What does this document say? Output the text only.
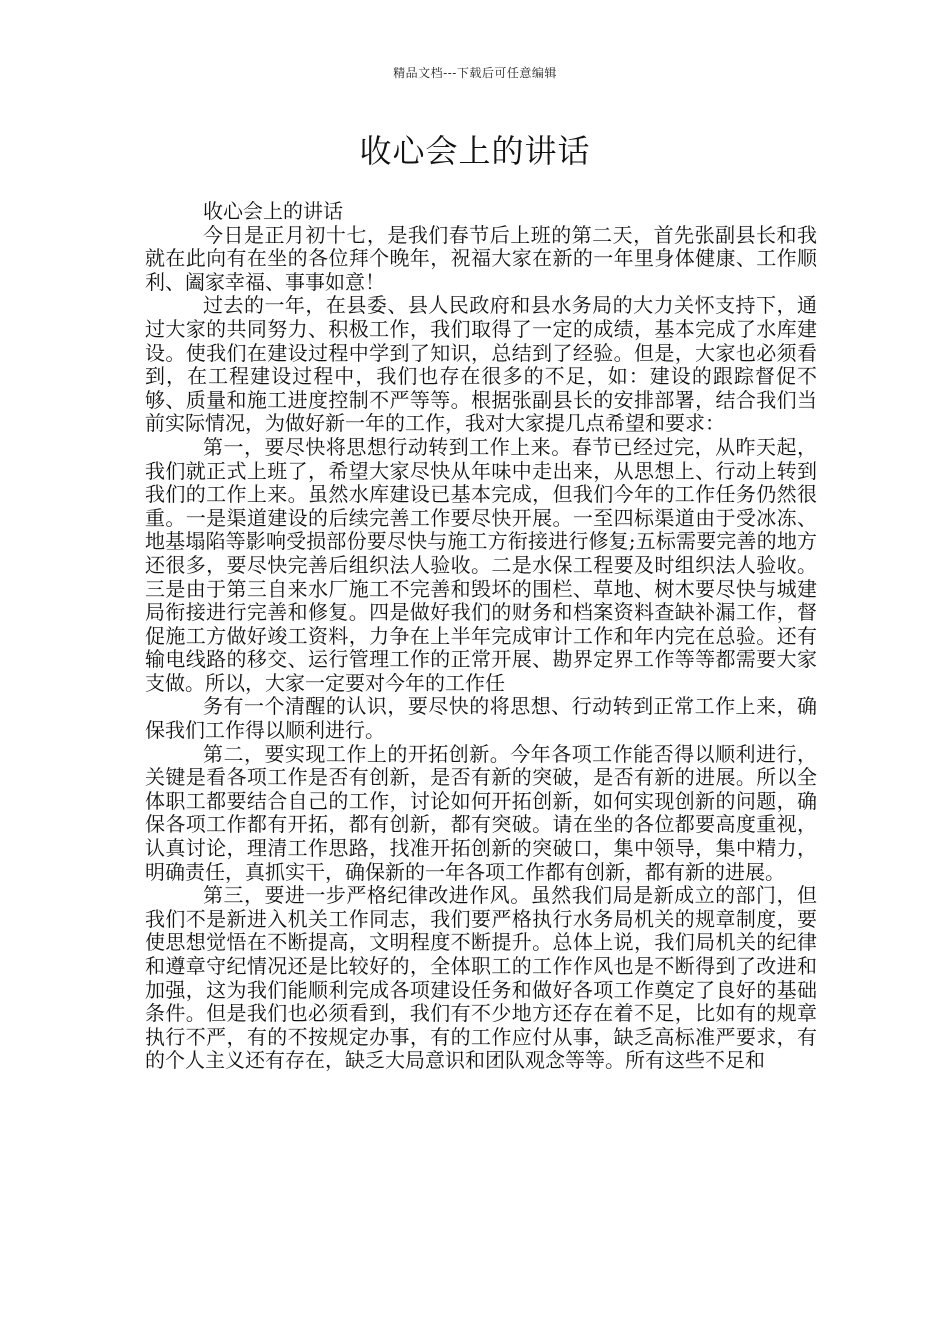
精品文档---下载后可任意编辑
收心会上的讲话

收心会上的讲话

今日是正月初十七，是我们春节后上班的第二天，首先张副县长和我就在此向有在坐的各位拜个晚年，祝福大家在新的一年里身体健康、工作顺利、阖家幸福、事事如意！

过去的一年，在县委、县人民政府和县水务局的大力关怀支持下，通过大家的共同努力、积极工作，我们取得了一定的成绩，基本完成了水库建设。使我们在建设过程中学到了知识，总结到了经验。但是，大家也必须看到，在工程建设过程中，我们也存在很多的不足，如：建设的跟踪督促不够、质量和施工进度控制不严等等。根据张副县长的安排部署，结合我们当前实际情况，为做好新一年的工作，我对大家提几点希望和要求：

第一，要尽快将思想行动转到工作上来。春节已经过完，从昨天起，我们就正式上班了，希望大家尽快从年味中走出来，从思想上、行动上转到我们的工作上来。虽然水库建设已基本完成，但我们今年的工作任务仍然很重。一是渠道建设的后续完善工作要尽快开展。一至四标渠道由于受冰冻、地基塌陷等影响受损部份要尽快与施工方衔接进行修复;五标需要完善的地方还很多，要尽快完善后组织法人验收。二是水保工程要及时组织法人验收。三是由于第三自来水厂施工不完善和毁坏的围栏、草地、树木要尽快与城建局衔接进行完善和修复。四是做好我们的财务和档案资料查缺补漏工作，督促施工方做好竣工资料，力争在上半年完成审计工作和年内完在总验。还有输电线路的移交、运行管理工作的正常开展、勘界定界工作等等都需要大家支做。所以，大家一定要对今年的工作任

务有一个清醒的认识，要尽快的将思想、行动转到正常工作上来，确保我们工作得以顺利进行。

第二，要实现工作上的开拓创新。今年各项工作能否得以顺利进行，关键是看各项工作是否有创新，是否有新的突破，是否有新的进展。所以全体职工都要结合自己的工作，讨论如何开拓创新，如何实现创新的问题，确保各项工作都有开拓，都有创新，都有突破。请在坐的各位都要高度重视，认真讨论，理清工作思路，找准开拓创新的突破口，集中领导，集中精力，明确责任，真抓实干，确保新的一年各项工作都有创新，都有新的进展。

第三，要进一步严格纪律改进作风。虽然我们局是新成立的部门，但我们不是新进入机关工作同志，我们要严格执行水务局机关的规章制度，要使思想觉悟在不断提高，文明程度不断提升。总体上说，我们局机关的纪律和遵章守纪情况还是比较好的，全体职工的工作作风也是不断得到了改进和加强，这为我们能顺利完成各项建设任务和做好各项工作奠定了良好的基础条件。但是我们也必须看到，我们有不少地方还存在着不足，比如有的规章执行不严，有的不按规定办事，有的工作应付从事，缺乏高标准严要求，有的个人主义还有存在，缺乏大局意识和团队观念等等。所有这些不足和
